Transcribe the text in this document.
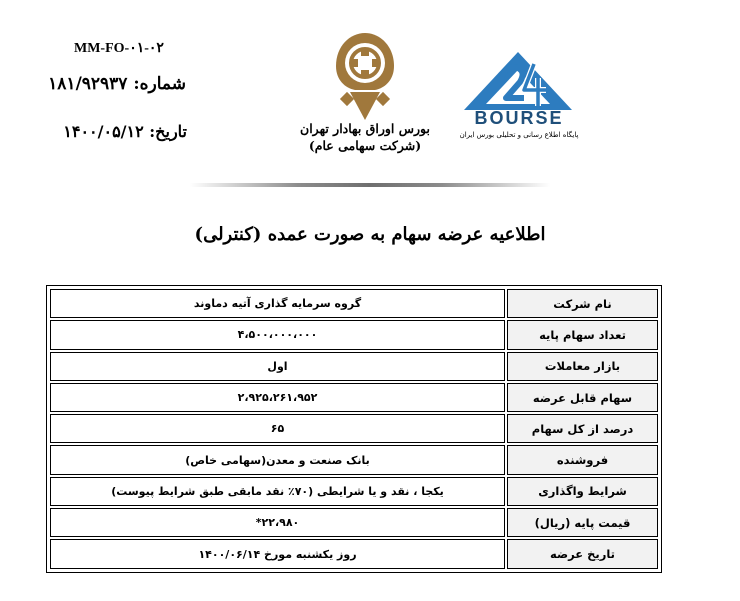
MM-FO-۰۱-۰۲
شماره: ۱۸۱/۹۲۹۳۷
تاریخ: ۱۴۰۰/۰۵/۱۲	بورس اوراق بهادار تهران
(شرکت سهامی عام)
BOURSE
پایگاه اطلاع رسانی و تحلیلی بورس ایران
اطلاعیه عرضه سهام به صورت عمده (کنترلی)
گروه سرمایه گذاری آتیه دماوند	نام شرکت
۴،۵۰۰،۰۰۰،۰۰۰	تعداد سهام پایه
اول	بازار معاملات
۲،۹۲۵،۲۶۱،۹۵۲	سهام قابل عرضه
۶۵	درصد از کل سهام
بانک صنعت و معدن(سهامی خاص)	فروشنده
یکجا ، نقد و یا شرایطی (۷۰٪ نقد مابقی طبق شرایط پیوست)	شرایط واگذاری
۲۲،۹۸۰*	قیمت پایه (ریال)
روز یکشنبه مورخ ۱۴۰۰/۰۶/۱۴	تاریخ عرضه
